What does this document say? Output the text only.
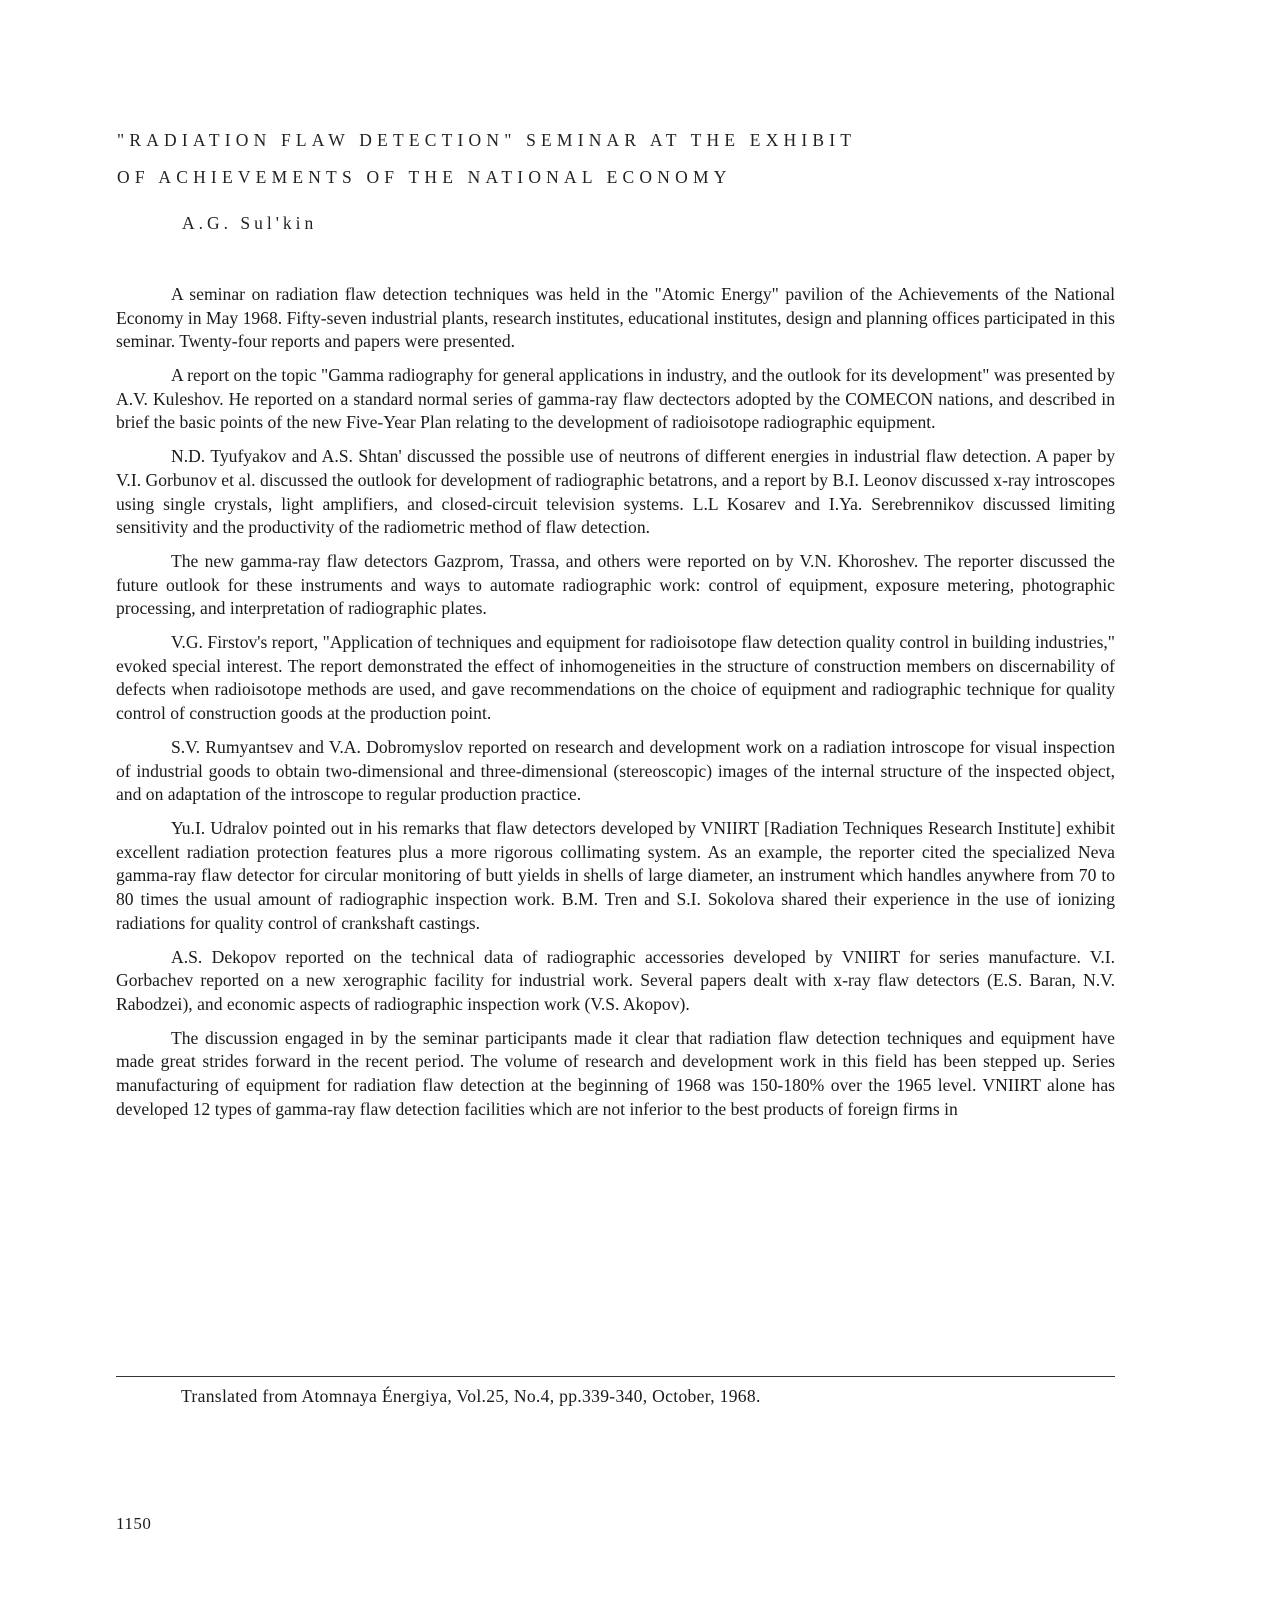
"RADIATION FLAW DETECTION" SEMINAR AT THE EXHIBIT
OF ACHIEVEMENTS OF THE NATIONAL ECONOMY
A.G. Sul'kin

A seminar on radiation flaw detection techniques was held in the "Atomic Energy" pavilion of the Achievements of the National Economy in May 1968. Fifty-seven industrial plants, research institutes, educational institutes, design and planning offices participated in this seminar. Twenty-four reports and papers were presented.

A report on the topic "Gamma radiography for general applications in industry, and the outlook for its development" was presented by A.V. Kuleshov. He reported on a standard normal series of gamma-ray flaw dectectors adopted by the COMECON nations, and described in brief the basic points of the new Five-Year Plan relating to the development of radioisotope radiographic equipment.

N.D. Tyufyakov and A.S. Shtan' discussed the possible use of neutrons of different energies in industrial flaw detection. A paper by V.I. Gorbunov et al. discussed the outlook for development of radiographic betatrons, and a report by B.I. Leonov discussed x-ray introscopes using single crystals, light amplifiers, and closed-circuit television systems. L.L Kosarev and I.Ya. Serebrennikov discussed limiting sensitivity and the productivity of the radiometric method of flaw detection.

The new gamma-ray flaw detectors Gazprom, Trassa, and others were reported on by V.N. Khoroshev. The reporter discussed the future outlook for these instruments and ways to automate radiographic work: control of equipment, exposure metering, photographic processing, and interpretation of radiographic plates.

V.G. Firstov's report, "Application of techniques and equipment for radioisotope flaw detection quality control in building industries," evoked special interest. The report demonstrated the effect of inhomogeneities in the structure of construction members on discernability of defects when radioisotope methods are used, and gave recommendations on the choice of equipment and radiographic technique for quality control of construction goods at the production point.

S.V. Rumyantsev and V.A. Dobromyslov reported on research and development work on a radiation introscope for visual inspection of industrial goods to obtain two-dimensional and three-dimensional (stereoscopic) images of the internal structure of the inspected object, and on adaptation of the introscope to regular production practice.

Yu.I. Udralov pointed out in his remarks that flaw detectors developed by VNIIRT [Radiation Techniques Research Institute] exhibit excellent radiation protection features plus a more rigorous collimating system. As an example, the reporter cited the specialized Neva gamma-ray flaw detector for circular monitoring of butt yields in shells of large diameter, an instrument which handles anywhere from 70 to 80 times the usual amount of radiographic inspection work. B.M. Tren and S.I. Sokolova shared their experience in the use of ionizing radiations for quality control of crankshaft castings.

A.S. Dekopov reported on the technical data of radiographic accessories developed by VNIIRT for series manufacture. V.I. Gorbachev reported on a new xerographic facility for industrial work. Several papers dealt with x-ray flaw detectors (E.S. Baran, N.V. Rabodzei), and economic aspects of radiographic inspection work (V.S. Akopov).

The discussion engaged in by the seminar participants made it clear that radiation flaw detection techniques and equipment have made great strides forward in the recent period. The volume of research and development work in this field has been stepped up. Series manufacturing of equipment for radiation flaw detection at the beginning of 1968 was 150-180% over the 1965 level. VNIIRT alone has developed 12 types of gamma-ray flaw detection facilities which are not inferior to the best products of foreign firms in

Translated from Atomnaya Énergiya, Vol.25, No.4, pp.339-340, October, 1968.
1150
